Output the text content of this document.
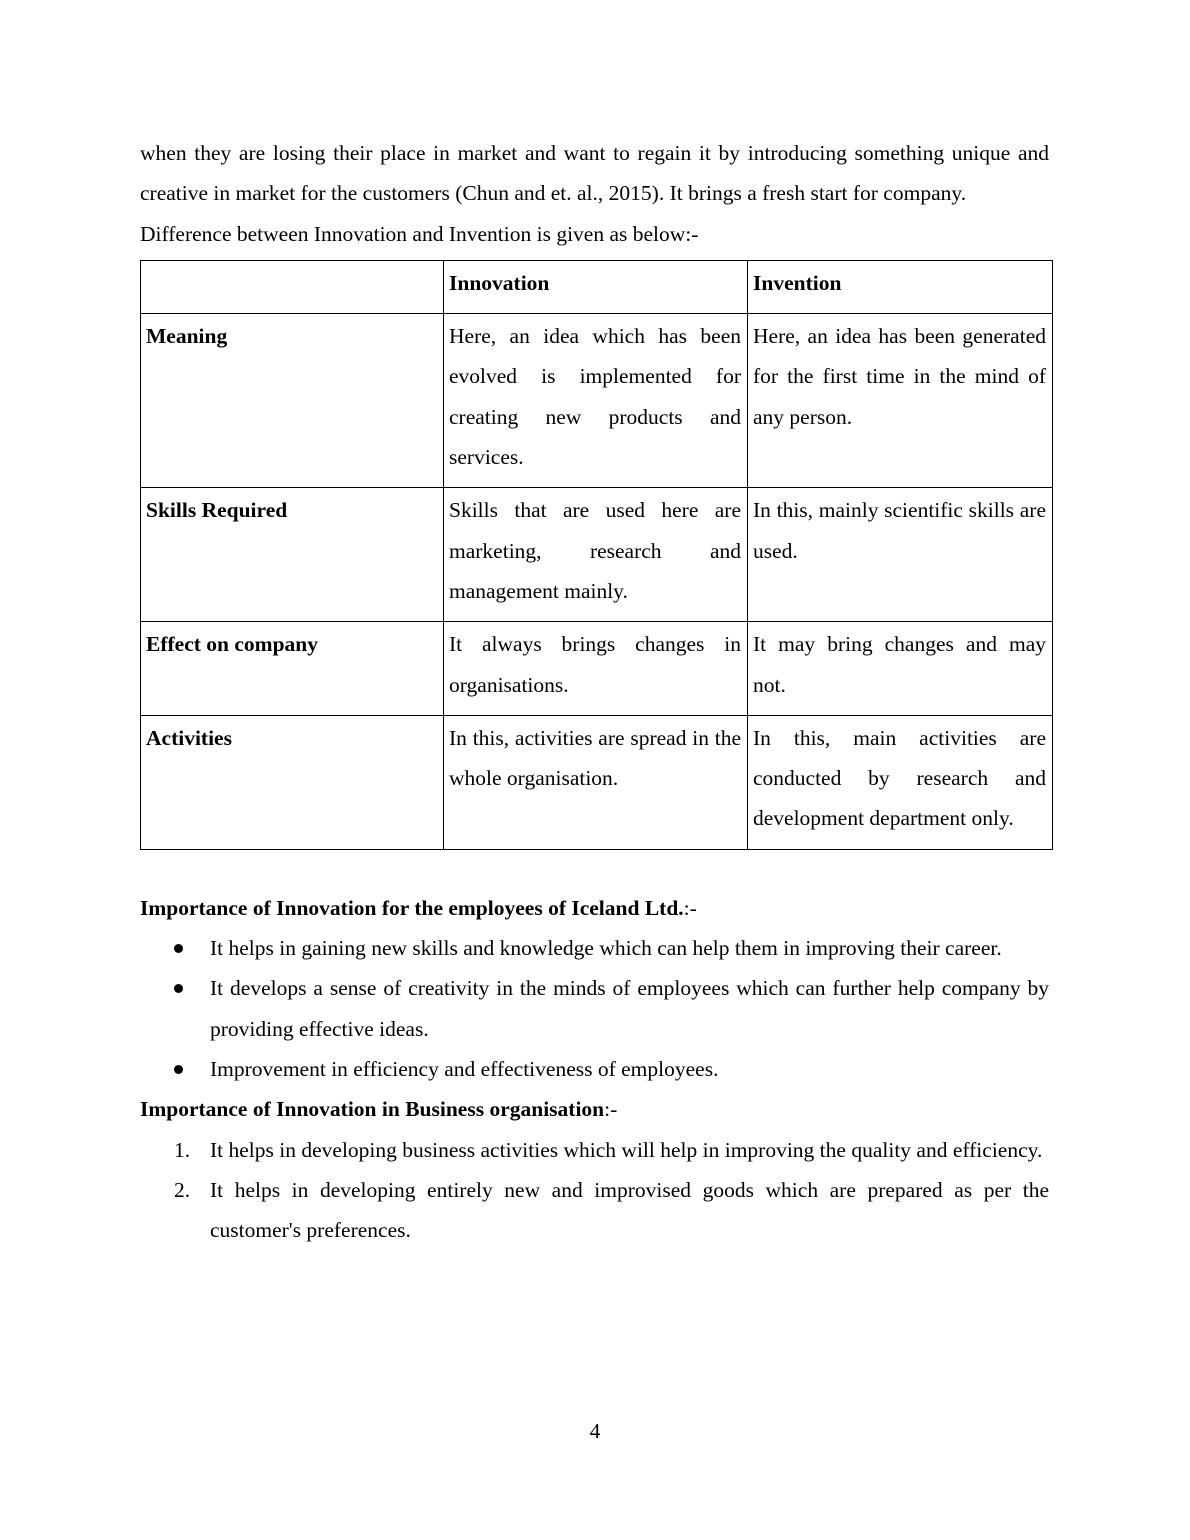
when they are losing their place in market and want to regain it by introducing something unique and creative in market for the customers (Chun and et. al., 2015). It brings a fresh start for company.

Difference between Innovation and Invention is given as below:-

	Innovation	Invention
Meaning	Here, an idea which has been evolved is implemented for creating new products and services.	Here, an idea has been generated for the first time in the mind of any person.
Skills Required	Skills that are used here are marketing, research and management mainly.	In this, mainly scientific skills are used.
Effect on company	It always brings changes in organisations.	It may bring changes and may not.
Activities	In this, activities are spread in the whole organisation.	In this, main activities are conducted by research and development department only.

Importance of Innovation for the employees of Iceland Ltd.:-

It helps in gaining new skills and knowledge which can help them in improving their career.
It develops a sense of creativity in the minds of employees which can further help company by providing effective ideas.
Improvement in efficiency and effectiveness of employees.

Importance of Innovation in Business organisation:-

1. It helps in developing business activities which will help in improving the quality and efficiency.
2. It helps in developing entirely new and improvised goods which are prepared as per the customer's preferences.
4
